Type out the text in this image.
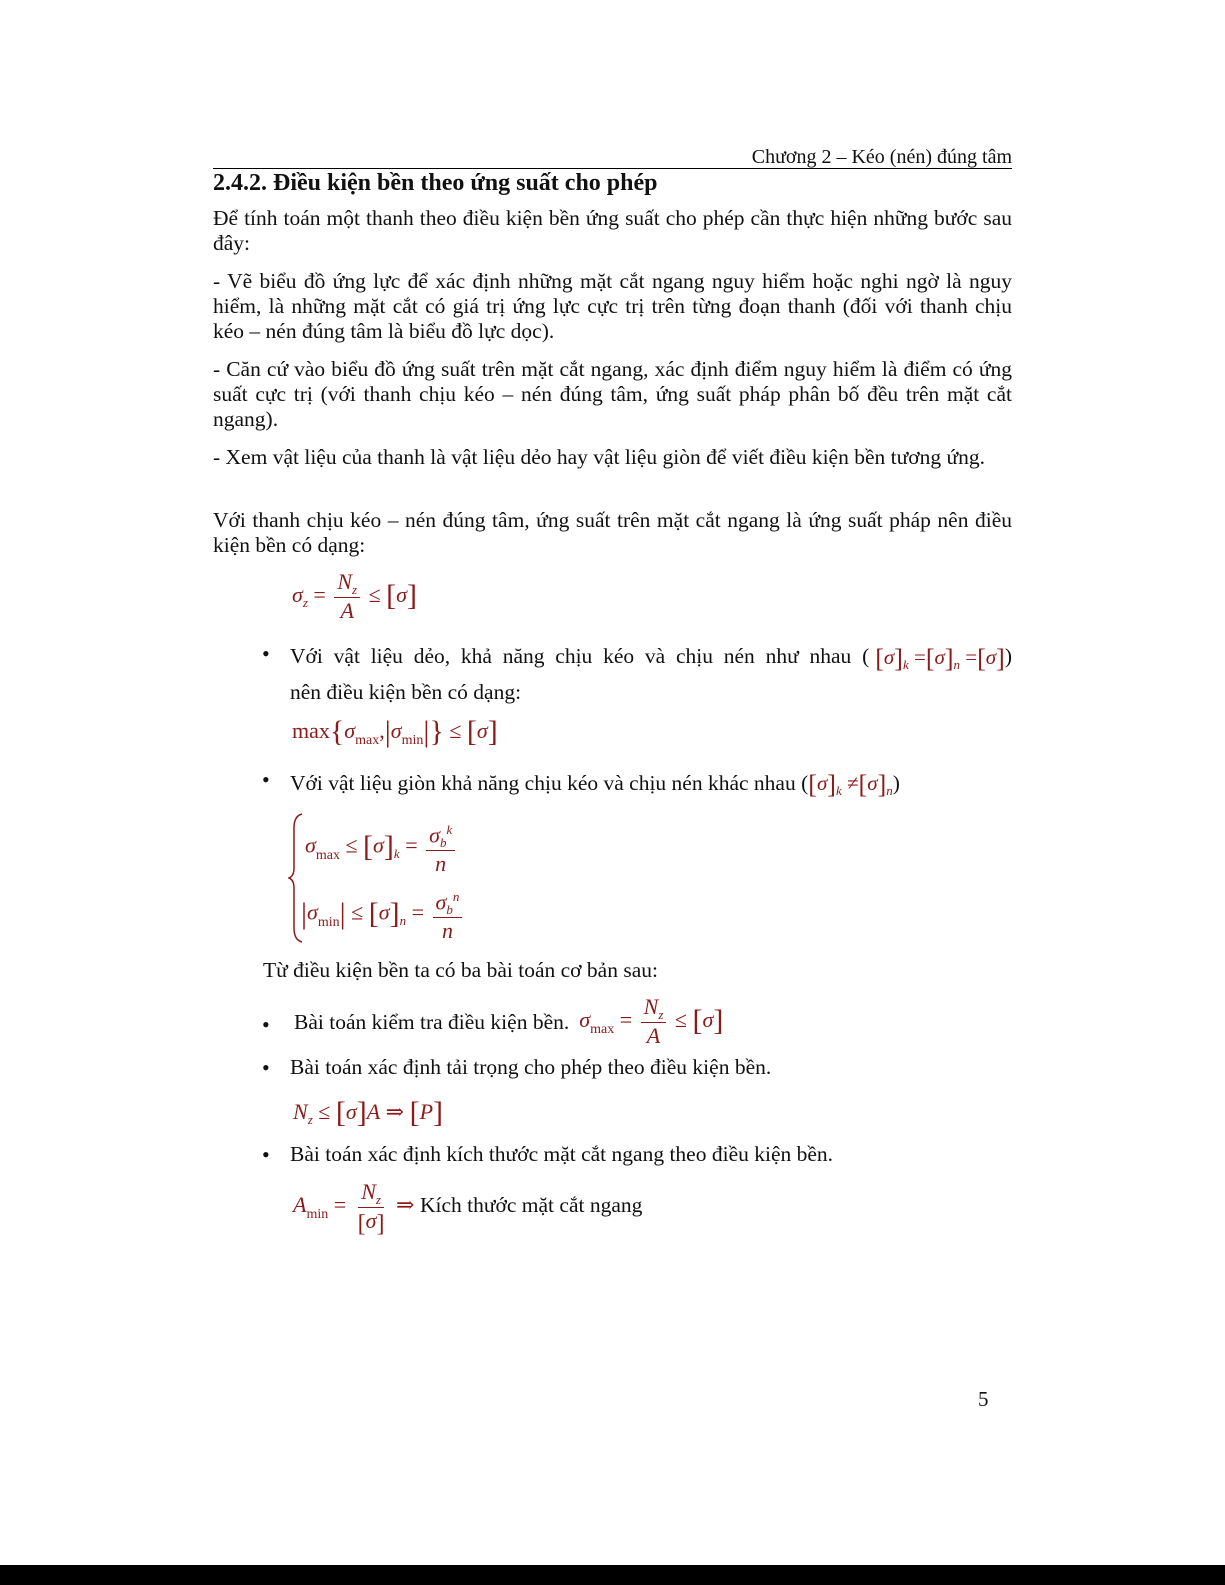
Chương 2 – Kéo (nén) đúng tâm
2.4.2. Điều kiện bền theo ứng suất cho phép
Để tính toán một thanh theo điều kiện bền ứng suất cho phép cần thực hiện những bước sau đây:
- Vẽ biểu đồ ứng lực để xác định những mặt cắt ngang nguy hiểm hoặc nghi ngờ là nguy hiểm, là những mặt cắt có giá trị ứng lực cực trị trên từng đoạn thanh (đối với thanh chịu kéo – nén đúng tâm là biểu đồ lực dọc).
- Căn cứ vào biểu đồ ứng suất trên mặt cắt ngang, xác định điểm nguy hiểm là điểm có ứng suất cực trị (với thanh chịu kéo – nén đúng tâm, ứng suất pháp phân bố đều trên mặt cắt ngang).
- Xem vật liệu của thanh là vật liệu dẻo hay vật liệu giòn để viết điều kiện bền tương ứng.
Với thanh chịu kéo – nén đúng tâm, ứng suất trên mặt cắt ngang là ứng suất pháp nên điều kiện bền có dạng:
$\sigma_z = \frac{N_z}{A} \le [\sigma]$
• Với vật liệu dẻo, khả năng chịu kéo và chịu nén như nhau ( $[\sigma]_k =[\sigma]_n =[\sigma]$ )
nên điều kiện bền có dạng:
$\max\{\sigma_{max},|\sigma_{min}|\} \le [\sigma]$
• Với vật liệu giòn khả năng chịu kéo và chịu nén khác nhau $([\sigma]_k \ne[\sigma]_n)$
$\sigma_{max} \le [\sigma]_k = \frac{\sigma_b^k}{n}$
$|\sigma_{min}| \le [\sigma]_n = \frac{\sigma_b^n}{n}$
Từ điều kiện bền ta có ba bài toán cơ bản sau:
• Bài toán kiểm tra điều kiện bền. $\sigma_{max} = \frac{N_z}{A} \le [\sigma]$
• Bài toán xác định tải trọng cho phép theo điều kiện bền.
$N_z \le [\sigma]A$ ⇒ [P]
• Bài toán xác định kích thước mặt cắt ngang theo điều kiện bền.
$A_{min} = \frac{N_z}{[\sigma]}$ ⇒ Kích thước mặt cắt ngang
5
